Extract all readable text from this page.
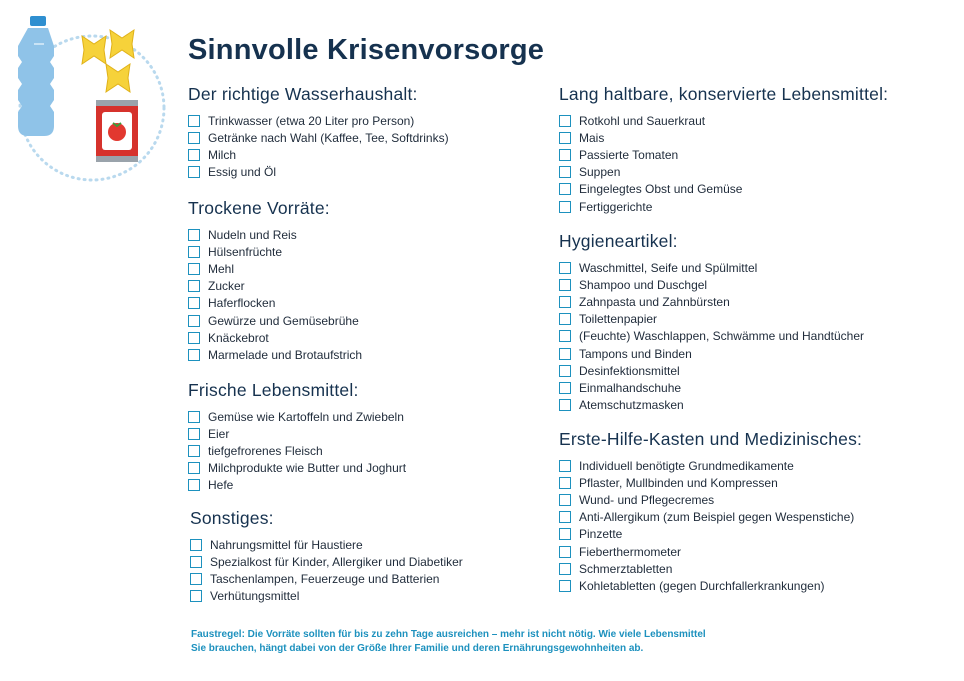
Sinnvolle Krisenvorsorge
Der richtige Wasserhaushalt:
Trinkwasser (etwa 20 Liter pro Person)
Getränke nach Wahl (Kaffee, Tee, Softdrinks)
Milch
Essig und Öl
Trockene Vorräte:
Nudeln und Reis
Hülsenfrüchte
Mehl
Zucker
Haferflocken
Gewürze und Gemüsebrühe
Knäckebrot
Marmelade und Brotaufstrich
Frische Lebensmittel:
Gemüse wie Kartoffeln und Zwiebeln
Eier
tiefgefrorenes Fleisch
Milchprodukte wie Butter und Joghurt
Hefe
Sonstiges:
Nahrungsmittel für Haustiere
Spezialkost für Kinder, Allergiker und Diabetiker
Taschenlampen, Feuerzeuge und Batterien
Verhütungsmittel
Lang haltbare, konservierte Lebensmittel:
Rotkohl und Sauerkraut
Mais
Passierte Tomaten
Suppen
Eingelegtes Obst und Gemüse
Fertiggerichte
Hygieneartikel:
Waschmittel, Seife und Spülmittel
Shampoo und Duschgel
Zahnpasta und Zahnbürsten
Toilettenpapier
(Feuchte) Waschlappen, Schwämme und Handtücher
Tampons und Binden
Desinfektionsmittel
Einmalhandschuhe
Atemschutzmasken
Erste-Hilfe-Kasten und Medizinisches:
Individuell benötigte Grundmedikamente
Pflaster, Mullbinden und Kompressen
Wund- und Pflegecremes
Anti-Allergikum (zum Beispiel gegen Wespenstiche)
Pinzette
Fieberthermometer
Schmerztabletten
Kohletabletten (gegen Durchfallerkrankungen)

Faustregel: Die Vorräte sollten für bis zu zehn Tage ausreichen – mehr ist nicht nötig. Wie viele Lebensmittel

Sie brauchen, hängt dabei von der Größe Ihrer Familie und deren Ernährungsgewohnheiten ab.
